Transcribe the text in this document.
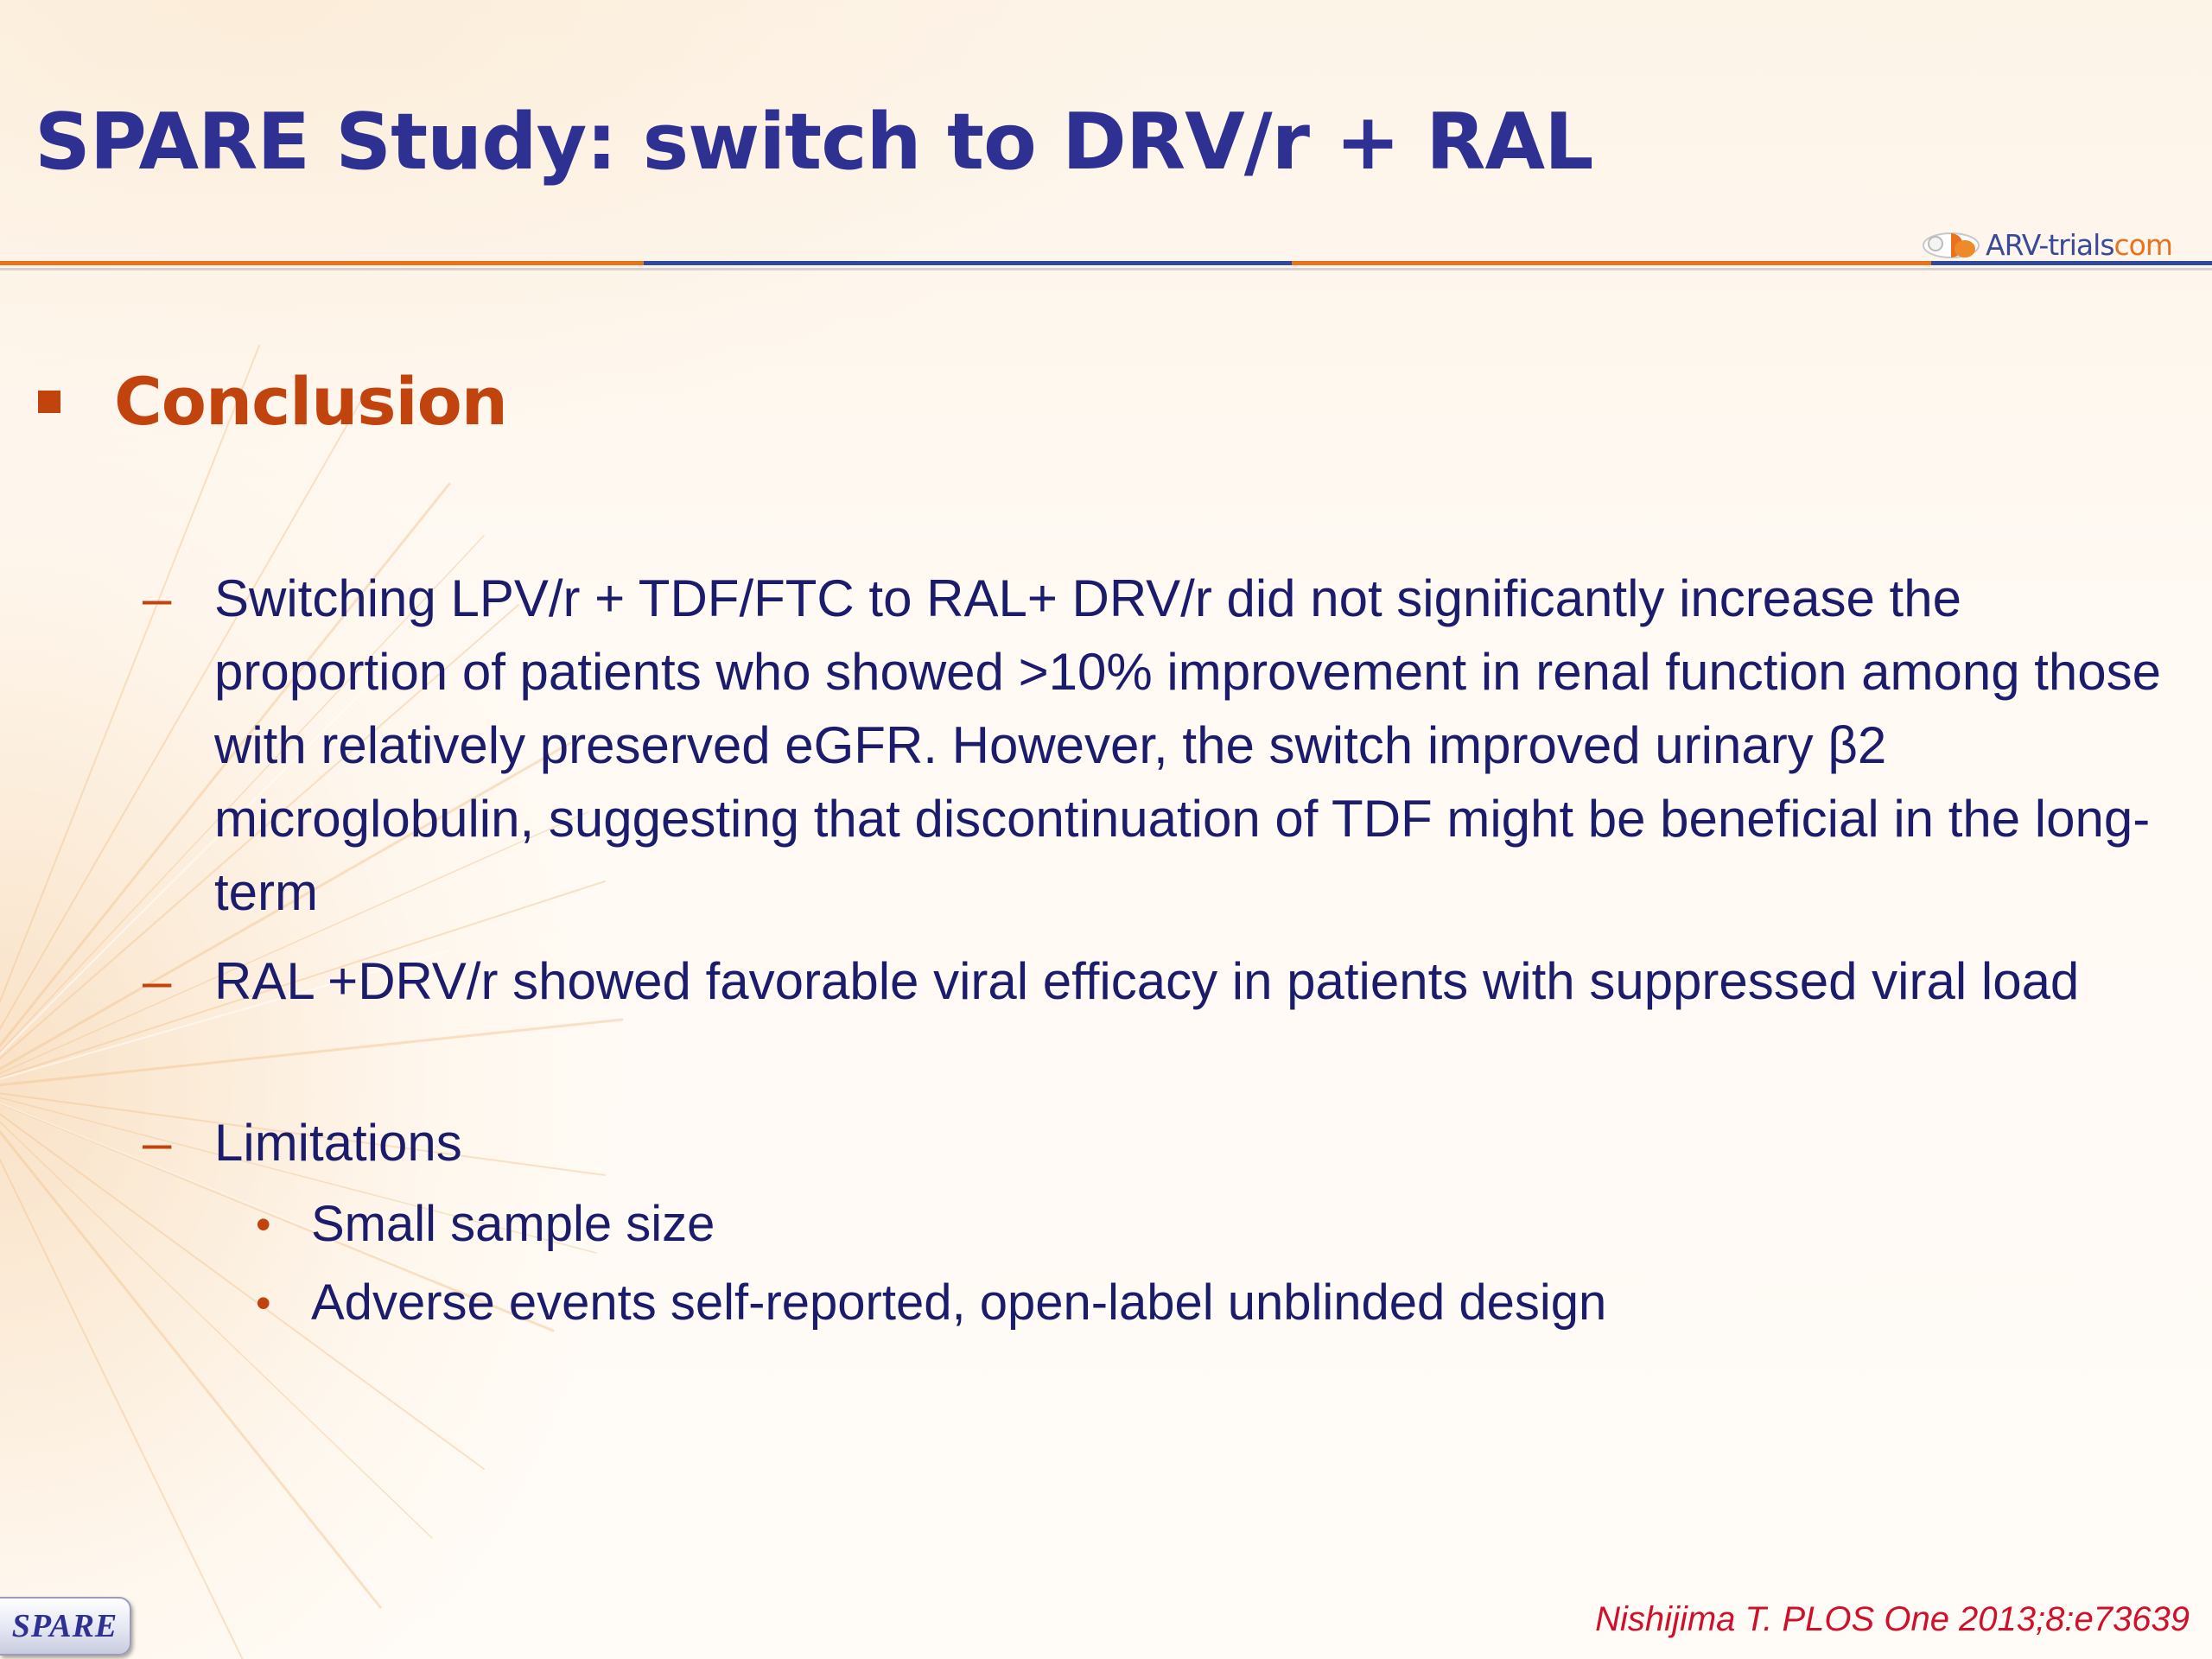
SPARE Study: switch to DRV/r + RAL
ARV-trialscom
Conclusion
– Switching LPV/r + TDF/FTC to RAL+ DRV/r did not significantly increase the proportion of patients who showed >10% improvement in renal function among those with relatively preserved eGFR. However, the switch improved urinary β2 microglobulin, suggesting that discontinuation of TDF might be beneficial in the long-term
– RAL +DRV/r showed favorable viral efficacy in patients with suppressed viral load
– Limitations
• Small sample size
• Adverse events self-reported, open-label unblinded design
SPARE	Nishijima T. PLOS One 2013;8:e73639
